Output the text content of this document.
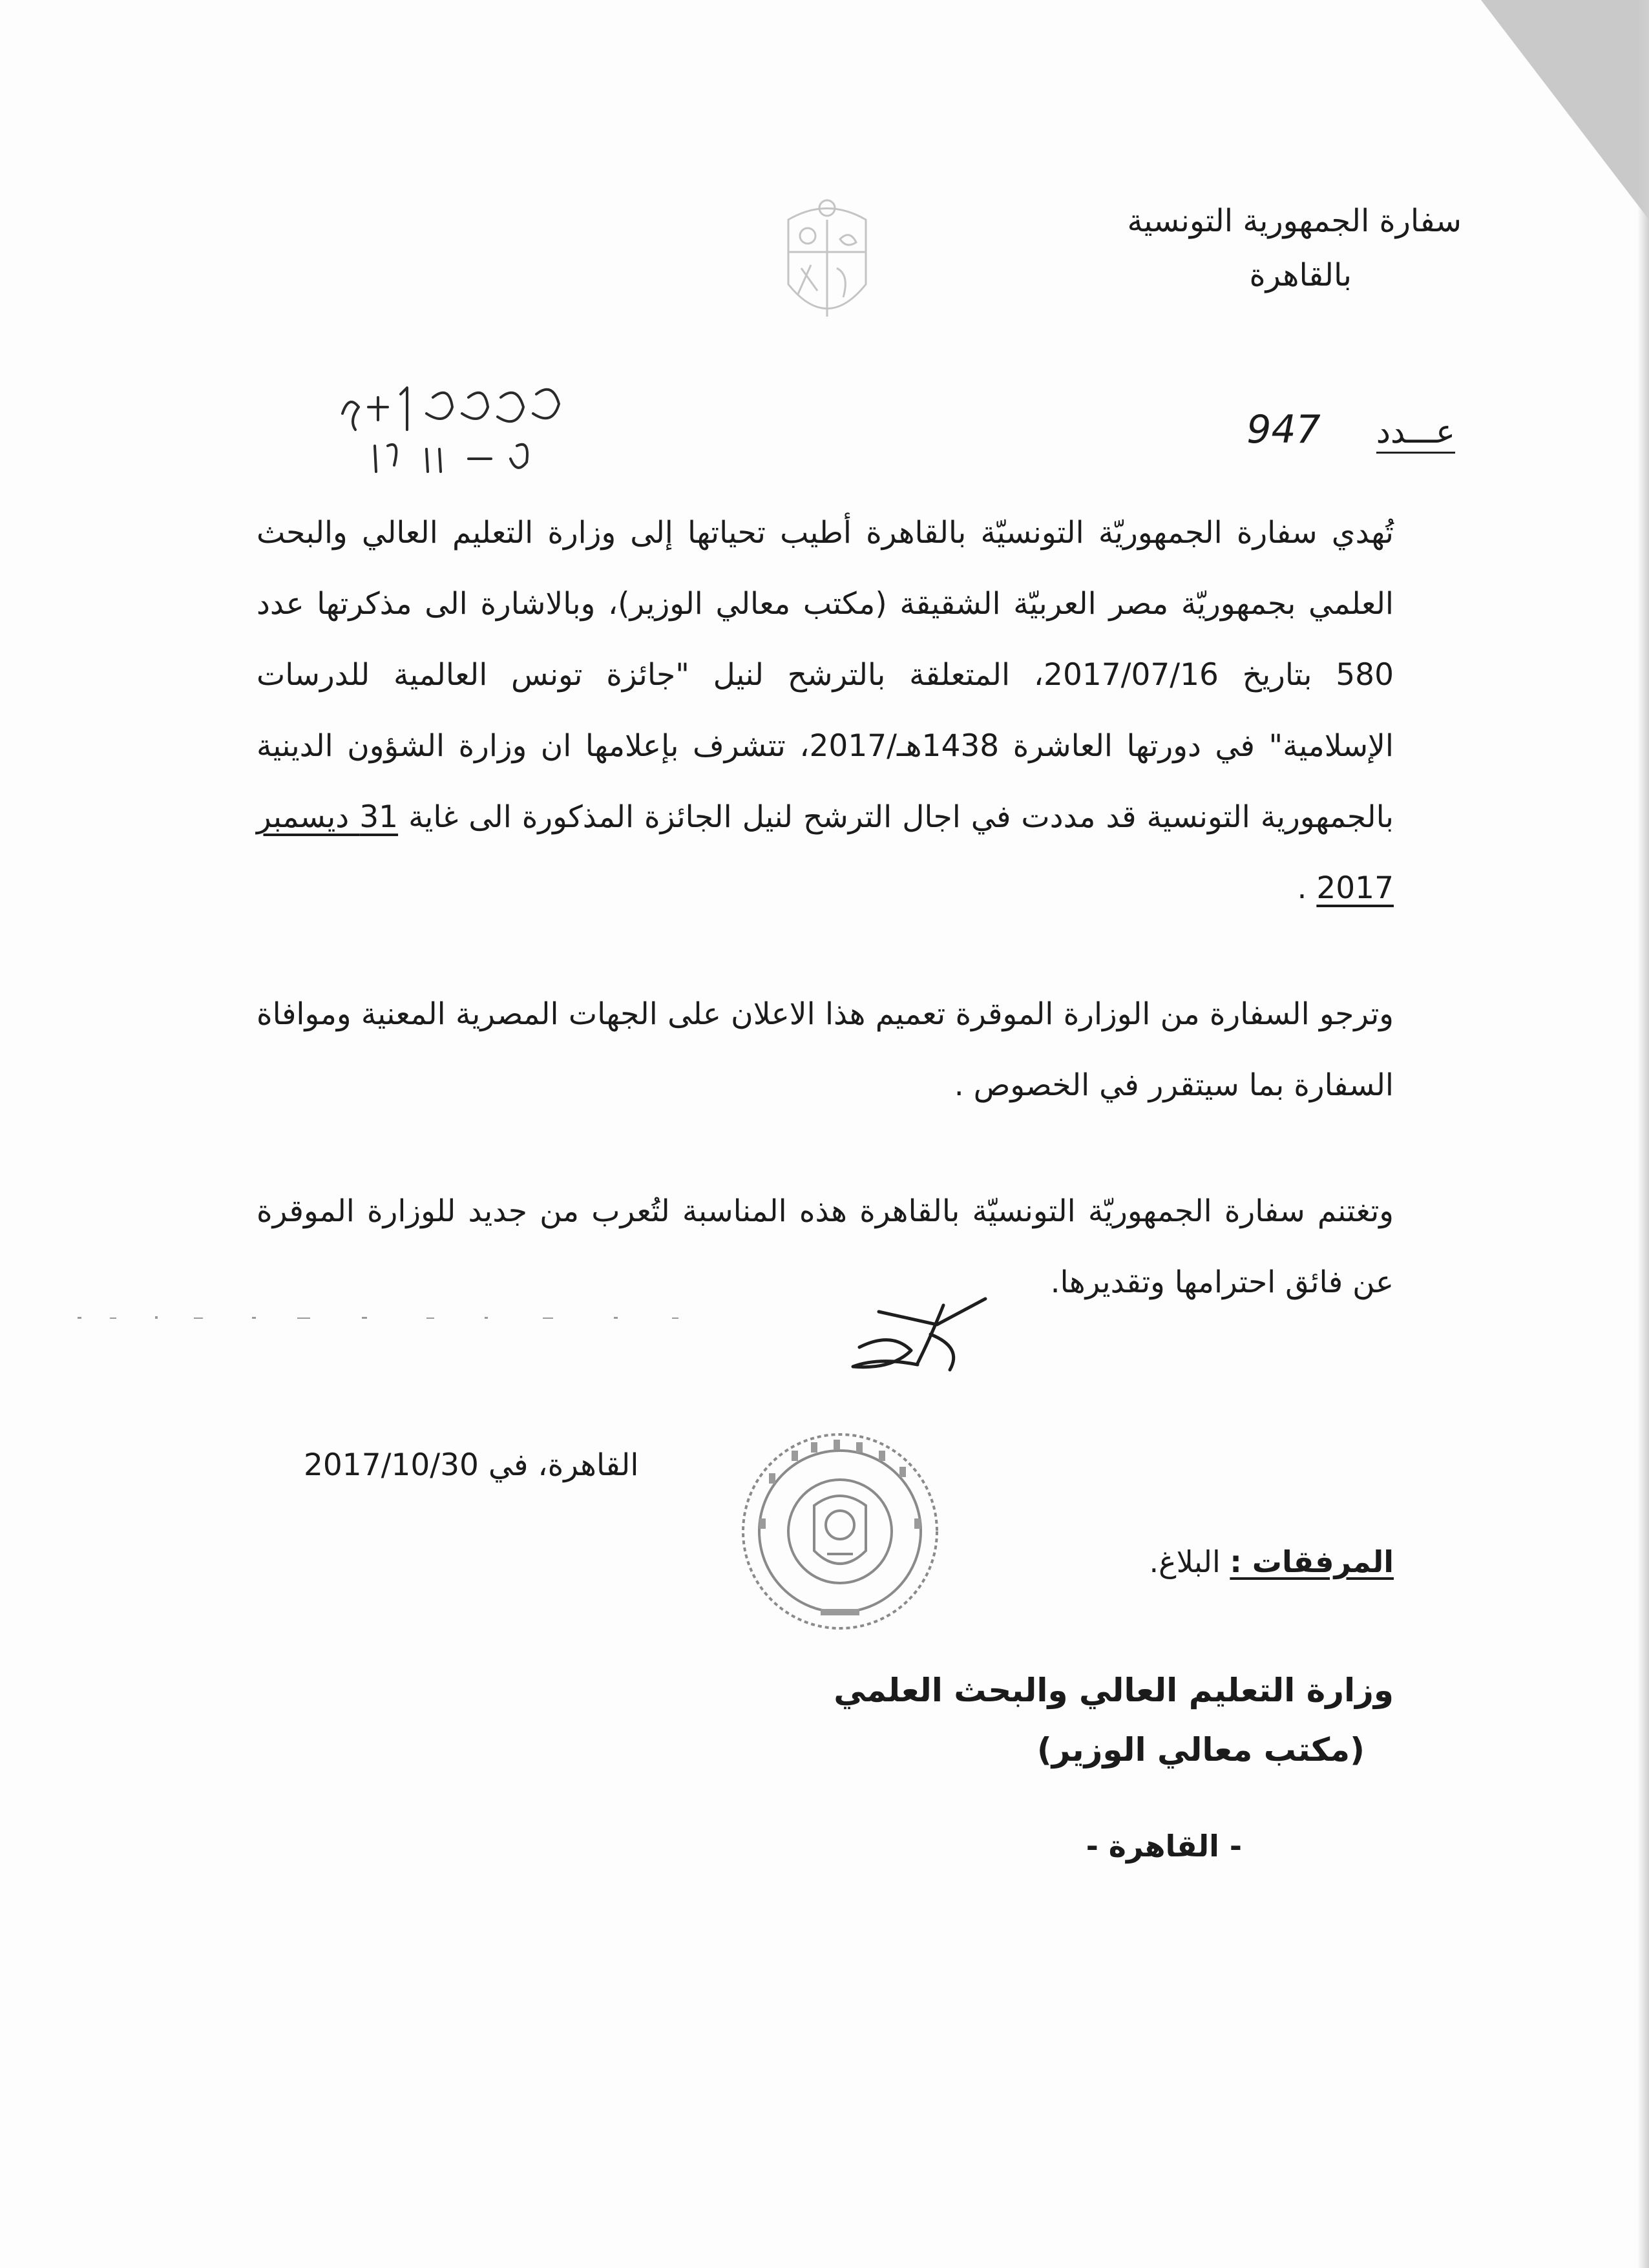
سفارة الجمهورية التونسية
بالقاهرة
عـــدد 947

تُهدي سفارة الجمهوريّة التونسيّة بالقاهرة أطيب تحياتها إلى وزارة التعليم العالي والبحث العلمي بجمهوريّة مصر العربيّة الشقيقة (مكتب معالي الوزير)، وبالاشارة الى مذكرتها عدد 580 بتاريخ 2017/07/16، المتعلقة بالترشح لنيل "جائزة تونس العالمية للدرسات الإسلامية" في دورتها العاشرة 1438هـ/2017، تتشرف بإعلامها ان وزارة الشؤون الدينية بالجمهورية التونسية قد مددت في اجال الترشح لنيل الجائزة المذكورة الى غاية 31 ديسمبر 2017 .

وترجو السفارة من الوزارة الموقرة تعميم هذا الاعلان على الجهات المصرية المعنية وموافاة السفارة بما سيتقرر في الخصوص .

وتغتنم سفارة الجمهوريّة التونسيّة بالقاهرة هذه المناسبة لتُعرب من جديد للوزارة الموقرة عن فائق احترامها وتقديرها.

القاهرة، في 2017/10/30
المرفقات : البلاغ.
وزارة التعليم العالي والبحث العلمي
(مكتب معالي الوزير)
- القاهرة -
